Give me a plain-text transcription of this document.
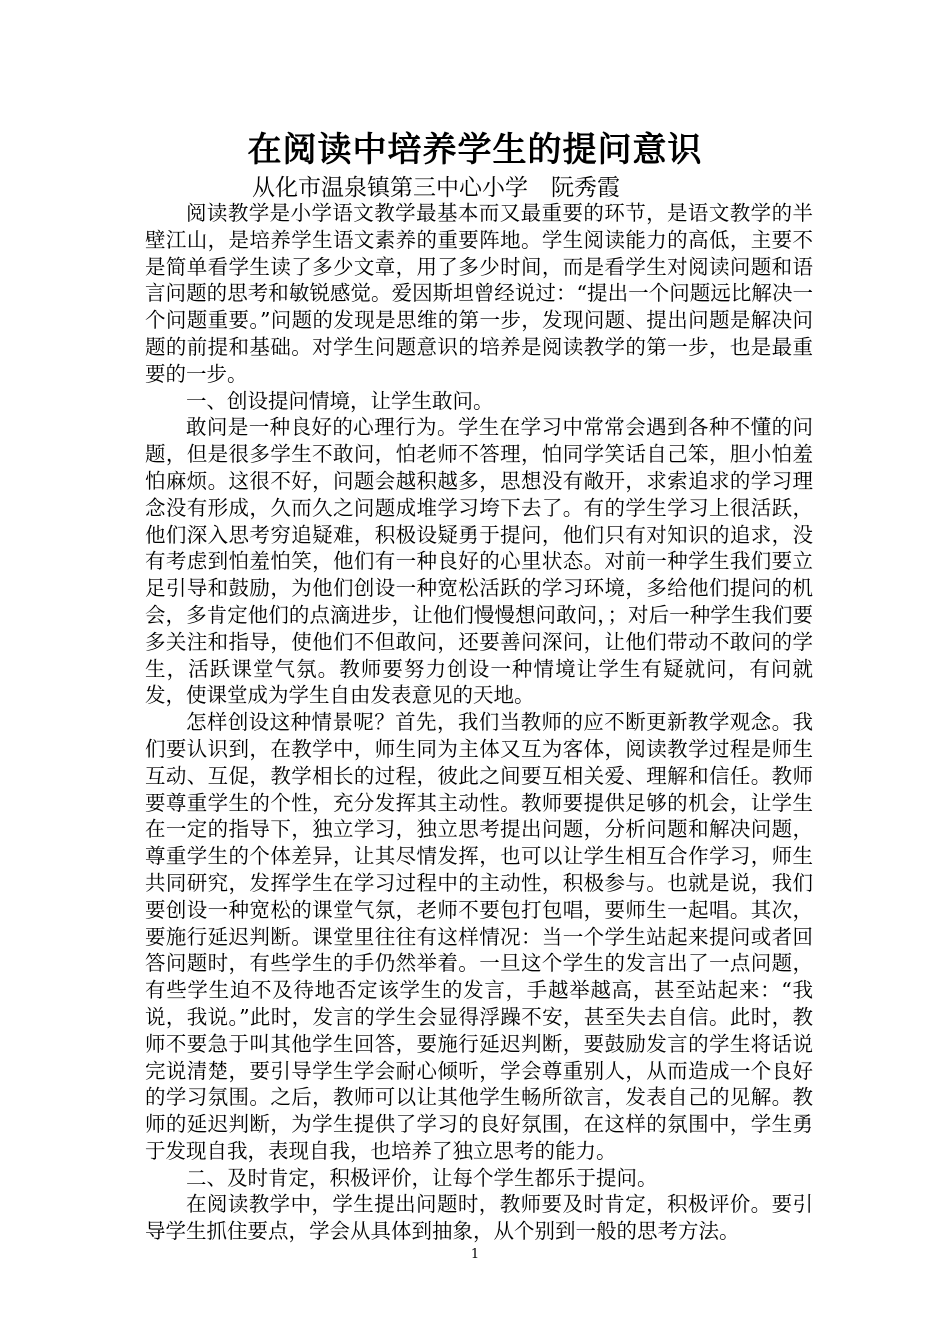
在阅读中培养学生的提问意识
从化市温泉镇第三中心小学　阮秀霞

阅读教学是小学语文教学最基本而又最重要的环节，是语文教学的半壁江山，是培养学生语文素养的重要阵地。学生阅读能力的高低，主要不是简单看学生读了多少文章，用了多少时间，而是看学生对阅读问题和语言问题的思考和敏锐感觉。爱因斯坦曾经说过：“提出一个问题远比解决一个问题重要。”问题的发现是思维的第一步，发现问题、提出问题是解决问题的前提和基础。对学生问题意识的培养是阅读教学的第一步，也是最重要的一步。

一、创设提问情境，让学生敢问。

敢问是一种良好的心理行为。学生在学习中常常会遇到各种不懂的问题，但是很多学生不敢问，怕老师不答理，怕同学笑话自己笨，胆小怕羞怕麻烦。这很不好，问题会越积越多，思想没有敞开，求索追求的学习理念没有形成，久而久之问题成堆学习垮下去了。有的学生学习上很活跃，他们深入思考穷追疑难，积极设疑勇于提问，他们只有对知识的追求，没有考虑到怕羞怕笑，他们有一种良好的心里状态。对前一种学生我们要立足引导和鼓励，为他们创设一种宽松活跃的学习环境，多给他们提问的机会，多肯定他们的点滴进步，让他们慢慢想问敢问，；对后一种学生我们要多关注和指导，使他们不但敢问，还要善问深问，让他们带动不敢问的学生，活跃课堂气氛。教师要努力创设一种情境让学生有疑就问，有问就发，使课堂成为学生自由发表意见的天地。

怎样创设这种情景呢？首先，我们当教师的应不断更新教学观念。我们要认识到，在教学中，师生同为主体又互为客体，阅读教学过程是师生互动、互促，教学相长的过程，彼此之间要互相关爱、理解和信任。教师要尊重学生的个性，充分发挥其主动性。教师要提供足够的机会，让学生在一定的指导下，独立学习，独立思考提出问题，分析问题和解决问题，尊重学生的个体差异，让其尽情发挥，也可以让学生相互合作学习，师生共同研究，发挥学生在学习过程中的主动性，积极参与。也就是说，我们要创设一种宽松的课堂气氛，老师不要包打包唱，要师生一起唱。其次，要施行延迟判断。课堂里往往有这样情况：当一个学生站起来提问或者回答问题时，有些学生的手仍然举着。一旦这个学生的发言出了一点问题，有些学生迫不及待地否定该学生的发言，手越举越高，甚至站起来：“我说，我说。”此时，发言的学生会显得浮躁不安，甚至失去自信。此时，教师不要急于叫其他学生回答，要施行延迟判断，要鼓励发言的学生将话说完说清楚，要引导学生学会耐心倾听，学会尊重别人，从而造成一个良好的学习氛围。之后，教师可以让其他学生畅所欲言，发表自己的见解。教师的延迟判断，为学生提供了学习的良好氛围，在这样的氛围中，学生勇于发现自我，表现自我，也培养了独立思考的能力。

二、及时肯定，积极评价，让每个学生都乐于提问。

在阅读教学中，学生提出问题时，教师要及时肯定，积极评价。要引导学生抓住要点，学会从具体到抽象，从个别到一般的思考方法。

1
